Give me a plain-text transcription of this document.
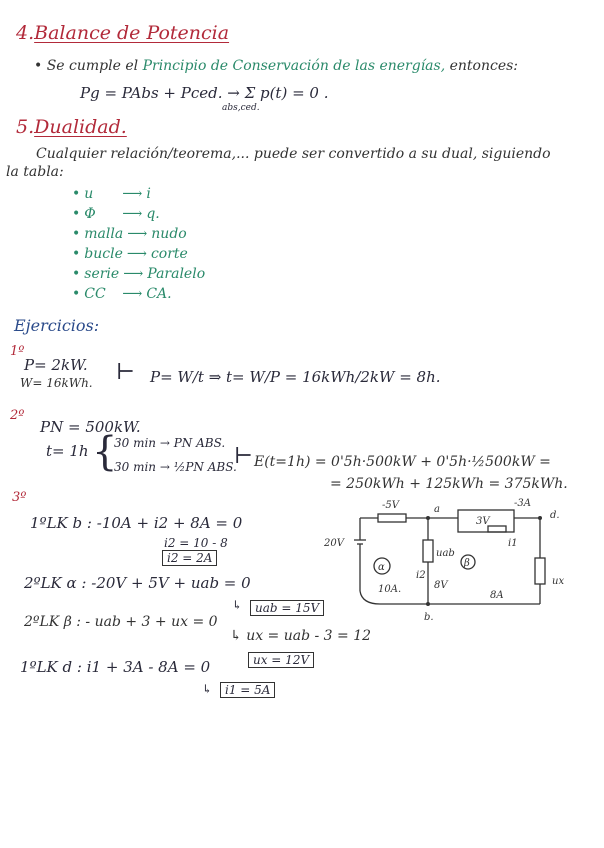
4.Balance de Potencia
• Se cumple el Principio de Conservación de las energías, entonces:
Pg = PAbs + Pced. → Σ p(t) = 0 .
abs,ced.
5.Dualidad.
Cualquier relación/teorema,... puede ser convertido a su dual, siguiendo
la tabla:
• u	⟶ i
• Φ	⟶ q.
• malla ⟶ nudo
• bucle ⟶ corte
• serie ⟶ Paralelo
• CC	⟶ CA.
Ejercicios:
1º
P= 2kW.
W= 16kWh. ⊢ P= W/t ⇒ t= W/P = 16kWh/2kW = 8h.
2º
PN = 500kW.
t= 1h {
30 min → PN ABS.
30 min → ½PN ABS.
⊢ E(t=1h) = 0'5h·500kW + 0'5h·½500kW =
= 250kWh + 125kWh = 375kWh.
3º
1ºLK b : -10A + i2 + 8A = 0
i2 = 10 - 8
i2 = 2A
2ºLK α : -20V + 5V + uab = 0
↳	uab = 15V
2ºLK β : - uab + 3 + ux = 0
↳ ux = uab - 3 = 12
ux = 12V
1ºLK d : i1 + 3A - 8A = 0
↳	i1 = 5A
20V
-5V	a
3V
-3A
d.
i1
uab
i2
10A.	8V
8A
ux
b.
α	β
